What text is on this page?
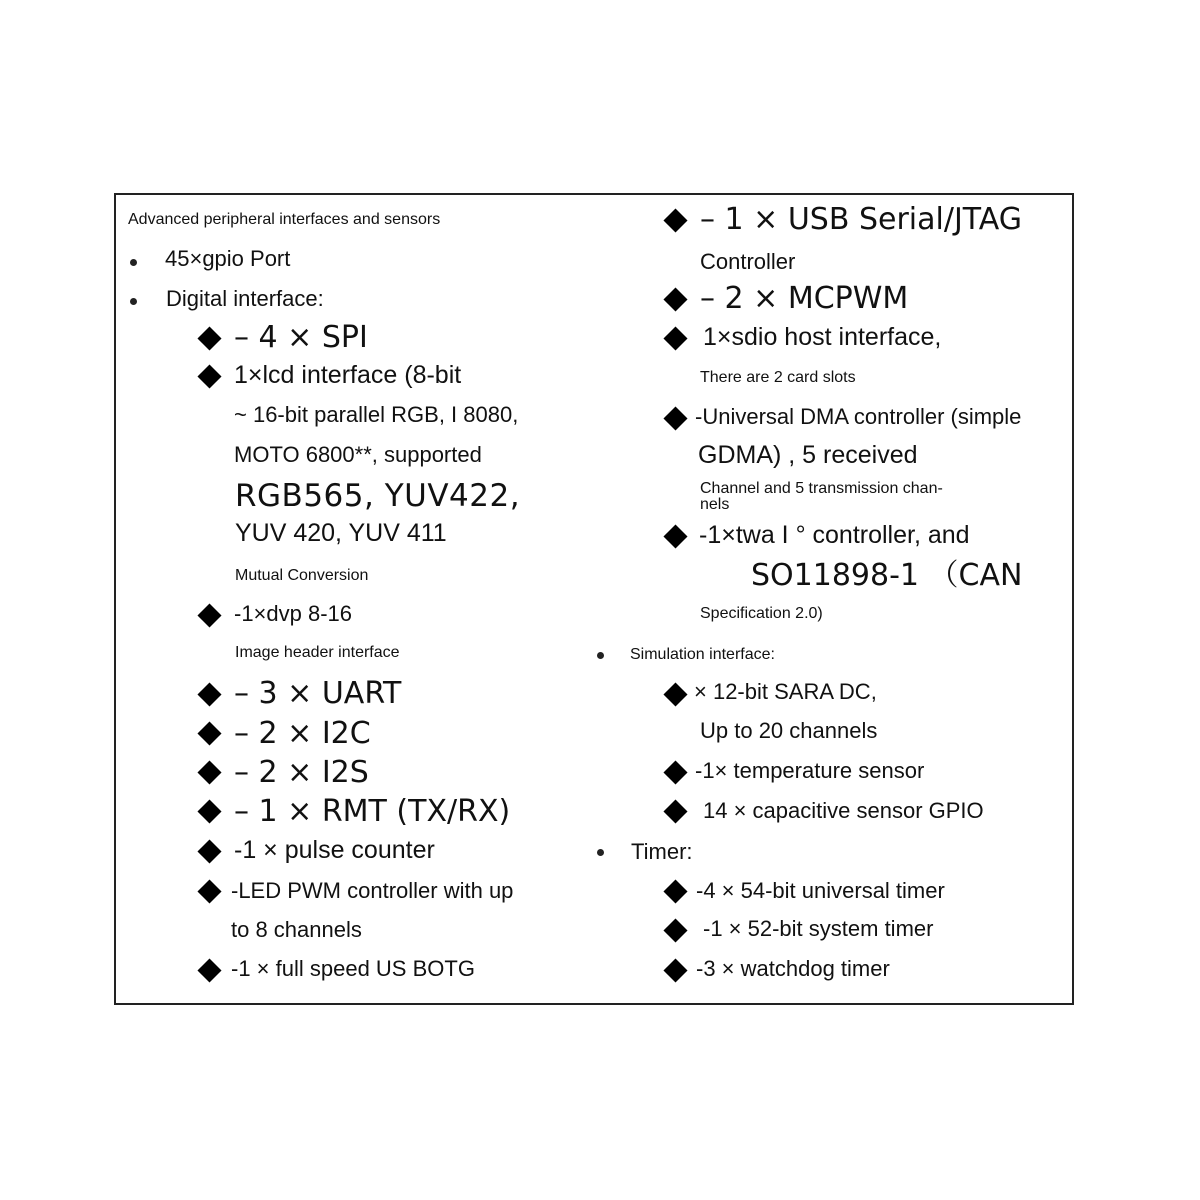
Advanced peripheral interfaces and sensors
45×gpio Port
Digital interface:
– 4 × SPI
1×lcd interface (8-bit
~ 16-bit parallel RGB, I 8080,
MOTO 6800**, supported
RGB565, YUV422,
YUV 420, YUV 411
Mutual Conversion
-1×dvp 8-16
Image header interface
– 3 × UART
– 2 × I2C
– 2 × I2S
– 1 × RMT (TX/RX)
-1 × pulse counter
-LED PWM controller with up
to 8 channels
-1 × full speed US BOTG
– 1 × USB Serial/JTAG
Controller
– 2 × MCPWM
1×sdio host interface,
There are 2 card slots
-Universal DMA controller (simple
GDMA) , 5 received
Channel and 5 transmission chan-
nels
-1×twa I ° controller, and
SO11898-1 （CAN
Specification 2.0)
Simulation interface:
× 12-bit SARA DC,
Up to 20 channels
-1× temperature sensor
14 × capacitive sensor GPIO
Timer:
-4 × 54-bit universal timer
-1 × 52-bit system timer
-3 × watchdog timer
